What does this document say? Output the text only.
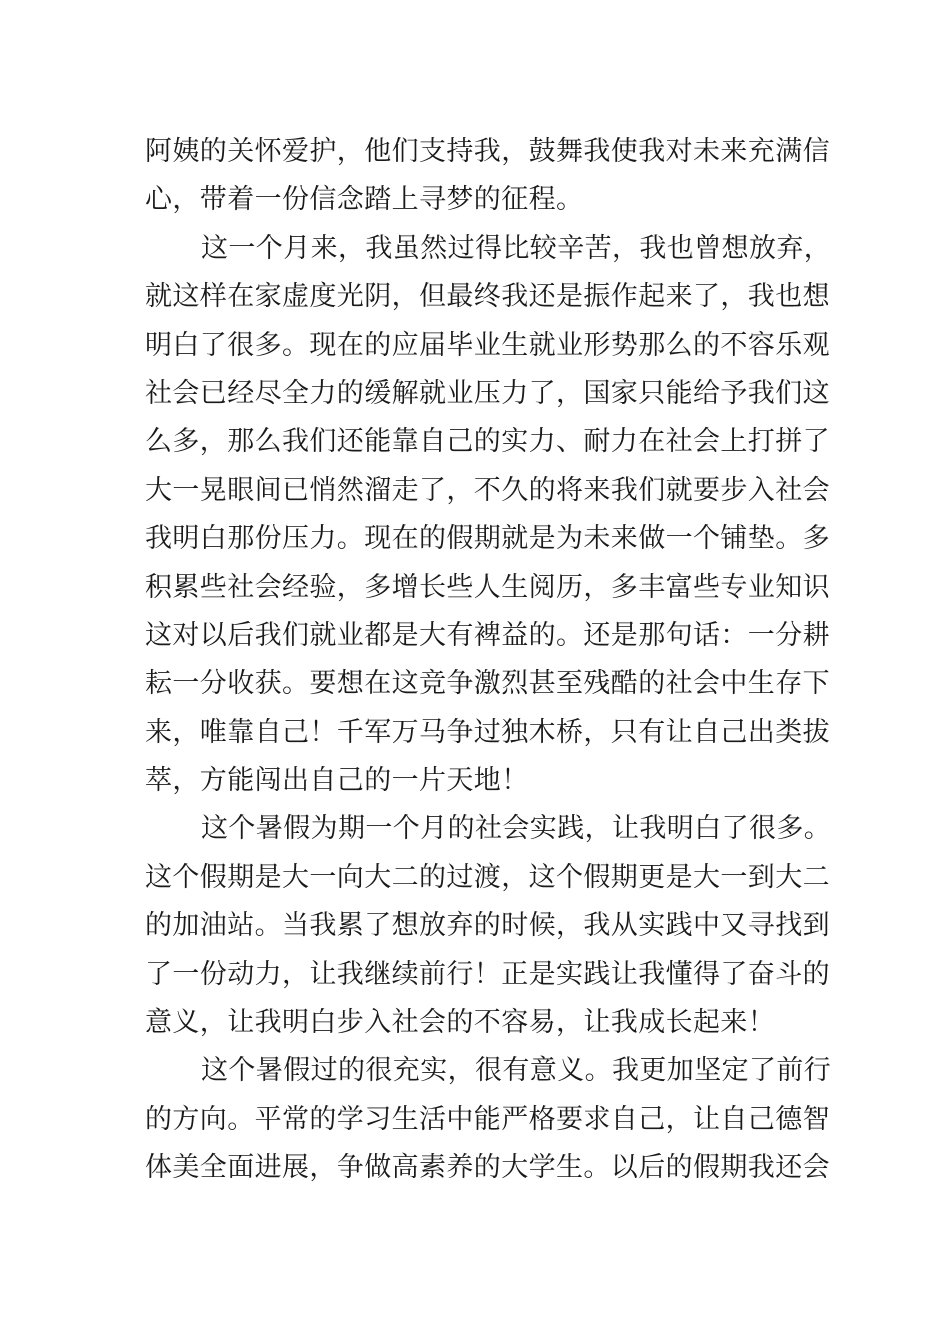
阿姨的关怀爱护，他们支持我，鼓舞我使我对未来充满信
心，带着一份信念踏上寻梦的征程。
这一个月来，我虽然过得比较辛苦，我也曾想放弃，
就这样在家虚度光阴，但最终我还是振作起来了，我也想
明白了很多。现在的应届毕业生就业形势那么的不容乐观
社会已经尽全力的缓解就业压力了，国家只能给予我们这
么多，那么我们还能靠自己的实力、耐力在社会上打拼了
大一晃眼间已悄然溜走了，不久的将来我们就要步入社会
我明白那份压力。现在的假期就是为未来做一个铺垫。多
积累些社会经验，多增长些人生阅历，多丰富些专业知识
这对以后我们就业都是大有裨益的。还是那句话：一分耕
耘一分收获。要想在这竞争激烈甚至残酷的社会中生存下
来，唯靠自己！千军万马争过独木桥，只有让自己出类拔
萃，方能闯出自己的一片天地！
这个暑假为期一个月的社会实践，让我明白了很多。
这个假期是大一向大二的过渡，这个假期更是大一到大二
的加油站。当我累了想放弃的时候，我从实践中又寻找到
了一份动力，让我继续前行！正是实践让我懂得了奋斗的
意义，让我明白步入社会的不容易，让我成长起来！
这个暑假过的很充实，很有意义。我更加坚定了前行
的方向。平常的学习生活中能严格要求自己，让自己德智
体美全面进展，争做高素养的大学生。以后的假期我还会
